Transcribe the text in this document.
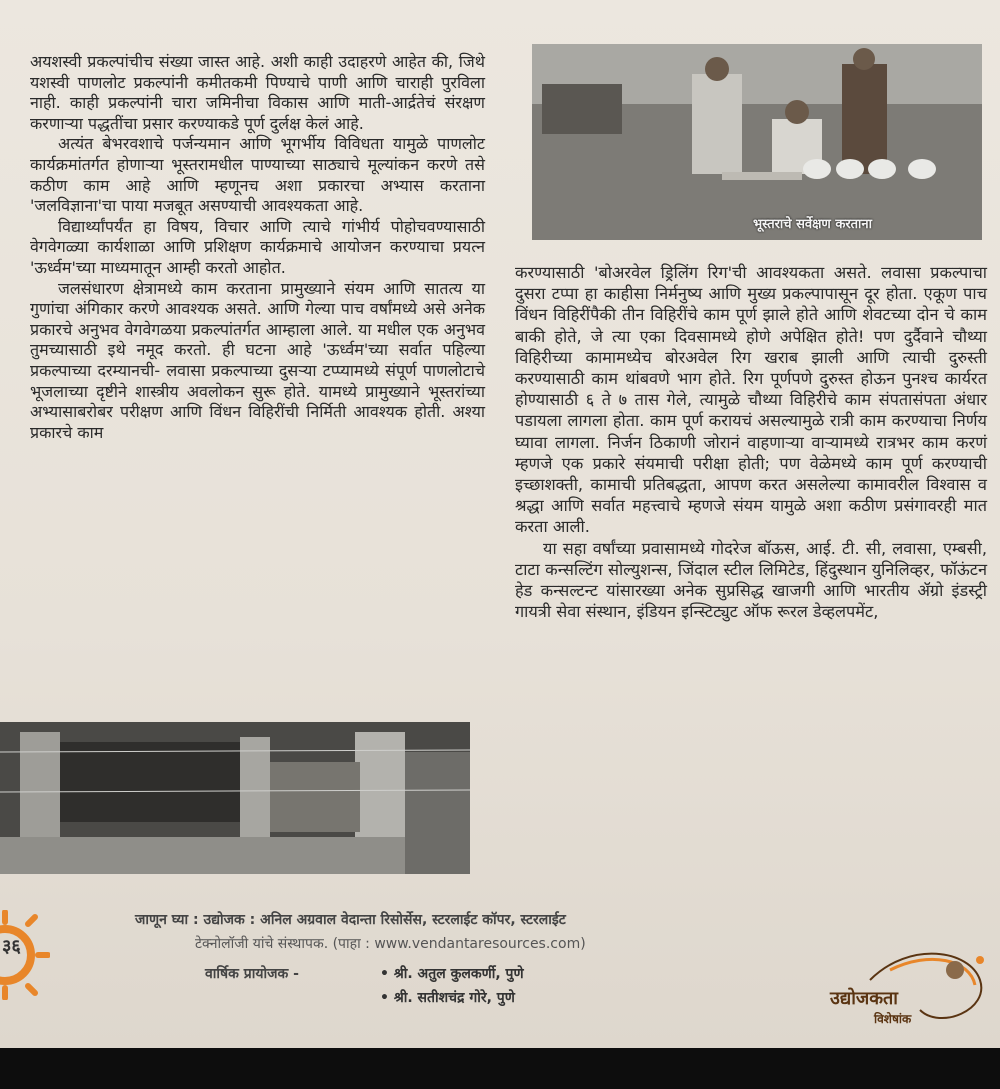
अयशस्वी प्रकल्पांचीच संख्या जास्त आहे. अशी काही उदाहरणे आहेत की, जिथे यशस्वी पाणलोट प्रकल्पांनी कमीतकमी पिण्याचे पाणी आणि चाराही पुरविला नाही. काही प्रकल्पांनी चारा जमिनीचा विकास आणि माती-आर्द्रतेचं संरक्षण करणाऱ्या पद्धतींचा प्रसार करण्याकडे पूर्ण दुर्लक्ष केलं आहे.

अत्यंत बेभरवशाचे पर्जन्यमान आणि भूगर्भीय विविधता यामुळे पाणलोट कार्यक्रमांतर्गत होणाऱ्या भूस्तरामधील पाण्याच्या साठ्याचे मूल्यांकन करणे तसे कठीण काम आहे आणि म्हणूनच अशा प्रकारचा अभ्यास करताना 'जलविज्ञाना'चा पाया मजबूत असण्याची आवश्यकता आहे.

विद्यार्थ्यांपर्यंत हा विषय, विचार आणि त्याचे गांभीर्य पोहोचवण्यासाठी वेगवेगळ्या कार्यशाळा आणि प्रशिक्षण कार्यक्रमाचे आयोजन करण्याचा प्रयत्न 'ऊर्ध्वम'च्या माध्यमातून आम्ही करतो आहोत.

जलसंधारण क्षेत्रामध्ये काम करताना प्रामुख्याने संयम आणि सातत्य या गुणांचा अंगिकार करणे आवश्यक असते. आणि गेल्या पाच वर्षांमध्ये असे अनेक प्रकारचे अनुभव वेगवेगळया प्रकल्पांतर्गत आम्हाला आले. या मधील एक अनुभव तुमच्यासाठी इथे नमूद करतो. ही घटना आहे 'ऊर्ध्वम'च्या सर्वात पहिल्या प्रकल्पाच्या दरम्यानची- लवासा प्रकल्पाच्या दुसऱ्या टप्प्यामध्ये संपूर्ण पाणलोटाचे भूजलाच्या दृष्टीने शास्त्रीय अवलोकन सुरू होते. यामध्ये प्रामुख्याने भूस्तरांच्या अभ्यासाबरोबर परीक्षण आणि विंधन विहिरींची निर्मिती आवश्यक होती. अश्या प्रकारचे काम

भूस्तराचे सर्वेक्षण करताना

करण्यासाठी 'बोअरवेल ड्रिलिंग रिग'ची आवश्यकता असते. लवासा प्रकल्पाचा दुसरा टप्पा हा काहीसा निर्मनुष्य आणि मुख्य प्रकल्पापासून दूर होता. एकूण पाच विंधन विहिरींपैकी तीन विहिरींचे काम पूर्ण झाले होते आणि शेवटच्या दोन चे काम बाकी होते, जे त्या एका दिवसामध्ये होणे अपेक्षित होते! पण दुर्दैवाने चौथ्या विहिरीच्या कामामध्येच बोरअवेल रिग खराब झाली आणि त्याची दुरुस्ती करण्यासाठी काम थांबवणे भाग होते. रिग पूर्णपणे दुरुस्त होऊन पुनश्च कार्यरत होण्यासाठी ६ ते ७ तास गेले, त्यामुळे चौथ्या विहिरीचे काम संपतासंपता अंधार पडायला लागला होता. काम पूर्ण करायचं असल्यामुळे रात्री काम करण्याचा निर्णय घ्यावा लागला. निर्जन ठिकाणी जोरानं वाहणाऱ्या वाऱ्यामध्ये रात्रभर काम करणं म्हणजे एक प्रकारे संयमाची परीक्षा होती; पण वेळेमध्ये काम पूर्ण करण्याची इच्छाशक्ती, कामाची प्रतिबद्धता, आपण करत असलेल्या कामावरील विश्वास व श्रद्धा आणि सर्वात महत्त्वाचे म्हणजे संयम यामुळे अशा कठीण प्रसंगावरही मात करता आली.

या सहा वर्षांच्या प्रवासामध्ये गोदरेज बॉऊस, आई. टी. सी, लवासा, एम्बसी, टाटा कन्सल्टिंग सोल्युशन्स, जिंदाल स्टील लिमिटेड, हिंदुस्थान युनिलिव्हर, फॉऊंटन हेड कन्सल्टन्ट यांसारख्या अनेक सुप्रसिद्ध खाजगी आणि भारतीय ॲग्रो इंडस्ट्री गायत्री सेवा संस्थान, इंडियन इन्स्टिट्युट ऑफ रूरल डेव्हलपमेंट,

३६
जाणून घ्या : उद्योजक : अनिल अग्रवाल वेदान्ता रिसोर्सेस, स्टरलाईट कॉपर, स्टरलाईट
टेक्नोलॉजी यांचे संस्थापक. (पाहा : www.vendantaresources.com)
वार्षिक प्रायोजक -	• श्री. अतुल कुलकर्णी, पुणे
• श्री. सतीशचंद्र गोरे, पुणे	उद्योजकता
विशेषांक
